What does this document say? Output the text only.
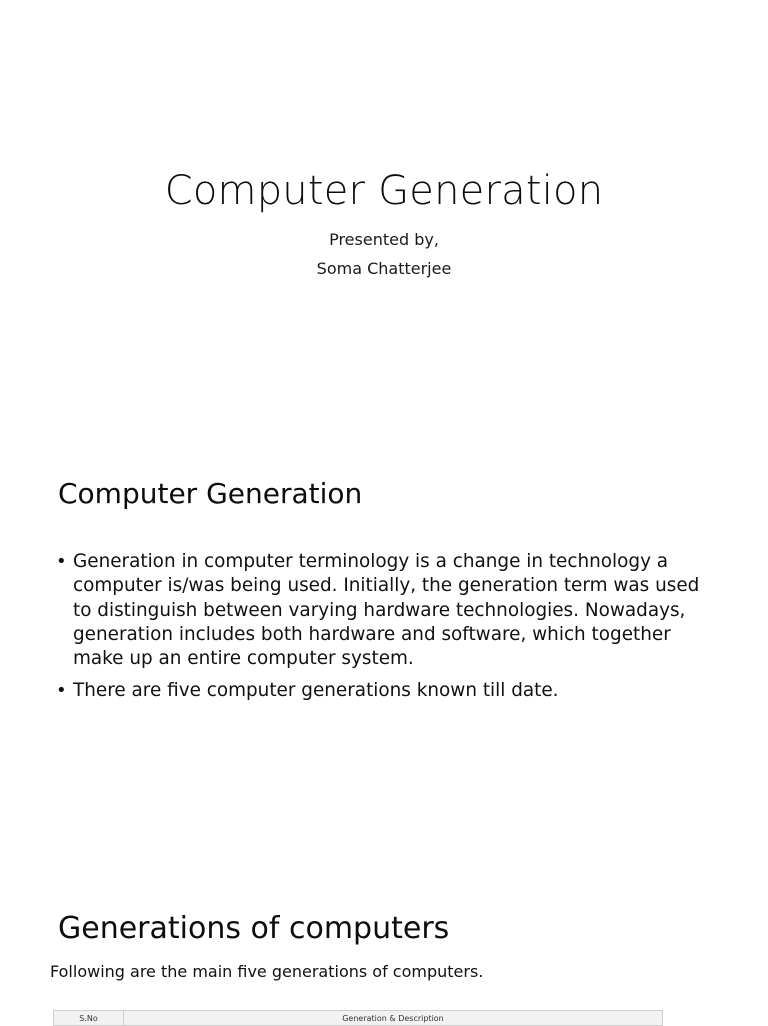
Computer Generation
Presented by,
Soma Chatterjee
Computer Generation
• Generation in computer terminology is a change in technology a computer is/was being used. Initially, the generation term was used to distinguish between varying hardware technologies. Nowadays, generation includes both hardware and software, which together make up an entire computer system.
• There are five computer generations known till date.
Generations of computers
Following are the main five generations of computers.
S.No	Generation & Description
